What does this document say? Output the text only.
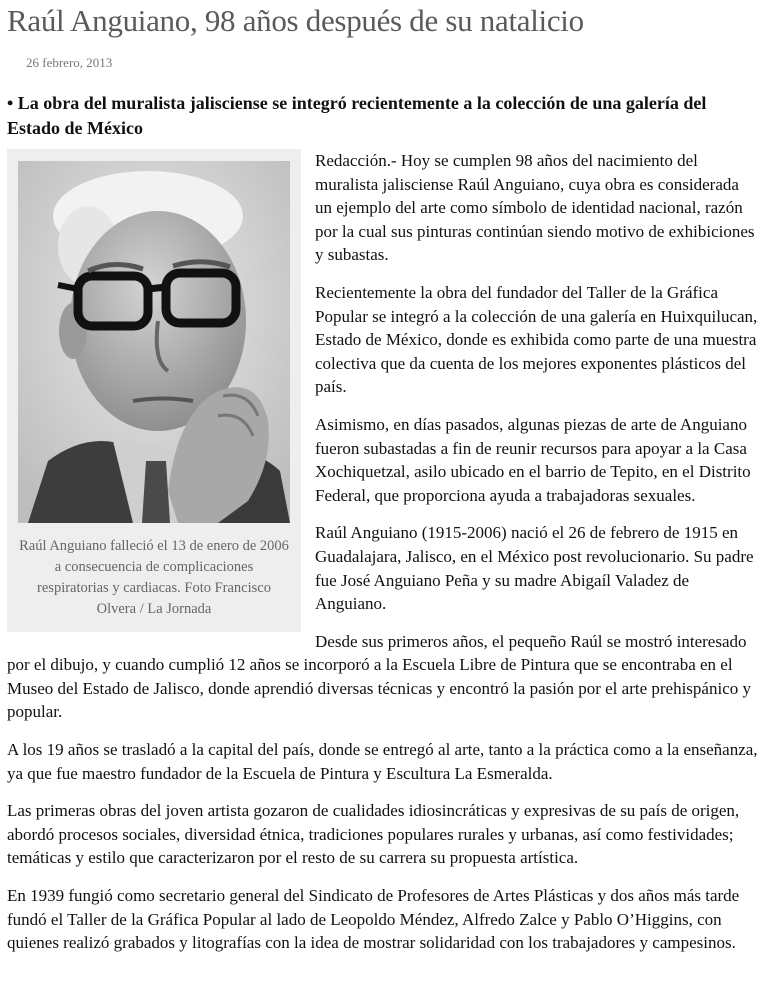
Raúl Anguiano, 98 años después de su natalicio
26 febrero, 2013
• La obra del muralista jalisciense se integró recientemente a la colección de una galería del Estado de México
Raúl Anguiano falleció el 13 de enero de 2006 a consecuencia de complicaciones respiratorias y cardiacas. Foto Francisco Olvera / La Jornada

Redacción.- Hoy se cumplen 98 años del nacimiento del muralista jalisciense Raúl Anguiano, cuya obra es considerada un ejemplo del arte como símbolo de identidad nacional, razón por la cual sus pinturas continúan siendo motivo de exhibiciones y subastas.

Recientemente la obra del fundador del Taller de la Gráfica Popular se integró a la colección de una galería en Huixquilucan, Estado de México, donde es exhibida como parte de una muestra colectiva que da cuenta de los mejores exponentes plásticos del país.

Asimismo, en días pasados, algunas piezas de arte de Anguiano fueron subastadas a fin de reunir recursos para apoyar a la Casa Xochiquetzal, asilo ubicado en el barrio de Tepito, en el Distrito Federal, que proporciona ayuda a trabajadoras sexuales.

Raúl Anguiano (1915-2006) nació el 26 de febrero de 1915 en Guadalajara, Jalisco, en el México post revolucionario. Su padre fue José Anguiano Peña y su madre Abigaíl Valadez de Anguiano.

Desde sus primeros años, el pequeño Raúl se mostró interesado por el dibujo, y cuando cumplió 12 años se incorporó a la Escuela Libre de Pintura que se encontraba en el Museo del Estado de Jalisco, donde aprendió diversas técnicas y encontró la pasión por el arte prehispánico y popular.

A los 19 años se trasladó a la capital del país, donde se entregó al arte, tanto a la práctica como a la enseñanza, ya que fue maestro fundador de la Escuela de Pintura y Escultura La Esmeralda.

Las primeras obras del joven artista gozaron de cualidades idiosincráticas y expresivas de su país de origen, abordó procesos sociales, diversidad étnica, tradiciones populares rurales y urbanas, así como festividades; temáticas y estilo que caracterizaron por el resto de su carrera su propuesta artística.

En 1939 fungió como secretario general del Sindicato de Profesores de Artes Plásticas y dos años más tarde fundó el Taller de la Gráfica Popular al lado de Leopoldo Méndez, Alfredo Zalce y Pablo O’Higgins, con quienes realizó grabados y litografías con la idea de mostrar solidaridad con los trabajadores y campesinos.
